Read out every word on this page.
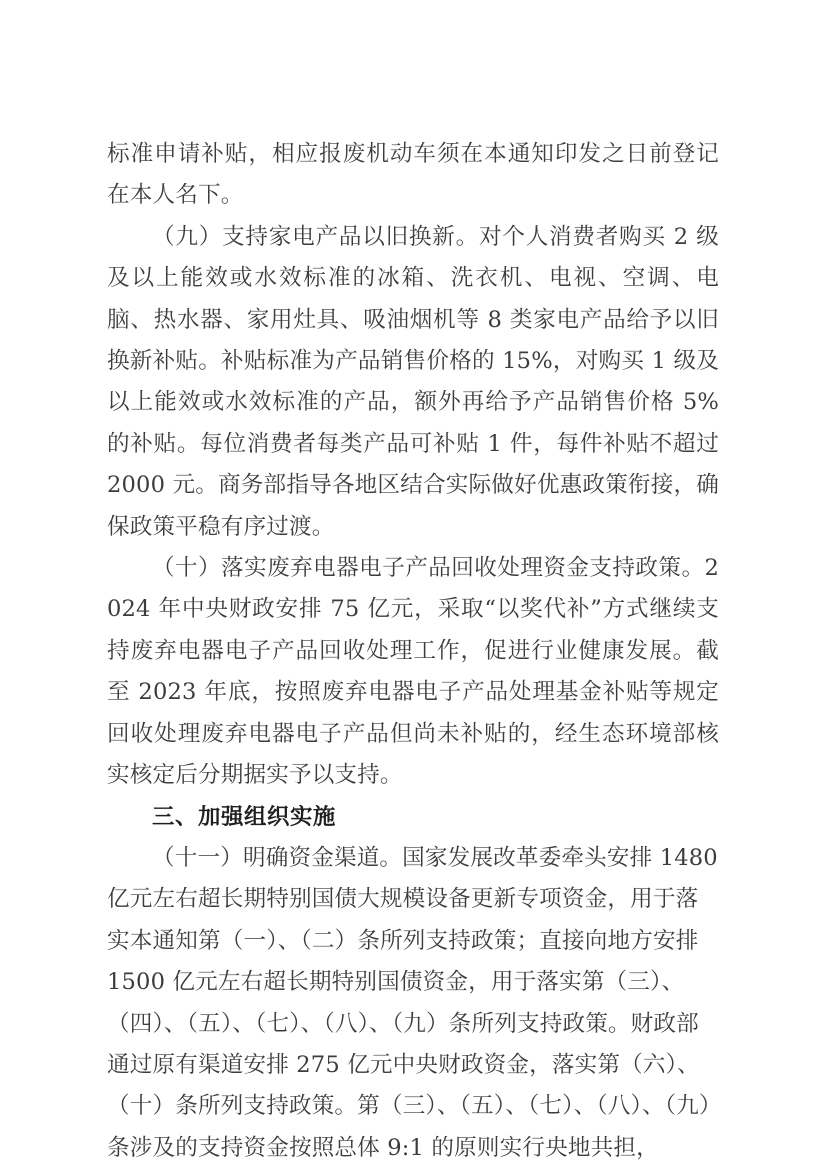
标准申请补贴，相应报废机动车须在本通知印发之日前登记在本人名下。

（九）支持家电产品以旧换新。对个人消费者购买 2 级及以上能效或水效标准的冰箱、洗衣机、电视、空调、电脑、热水器、家用灶具、吸油烟机等 8 类家电产品给予以旧换新补贴。补贴标准为产品销售价格的 15%，对购买 1 级及以上能效或水效标准的产品，额外再给予产品销售价格 5%的补贴。每位消费者每类产品可补贴 1 件，每件补贴不超过 2000 元。商务部指导各地区结合实际做好优惠政策衔接，确保政策平稳有序过渡。

（十）落实废弃电器电子产品回收处理资金支持政策。2024 年中央财政安排 75 亿元，采取“以奖代补”方式继续支持废弃电器电子产品回收处理工作，促进行业健康发展。截至 2023 年底，按照废弃电器电子产品处理基金补贴等规定回收处理废弃电器电子产品但尚未补贴的，经生态环境部核实核定后分期据实予以支持。

三、加强组织实施

（十一）明确资金渠道。国家发展改革委牵头安排 1480 亿元左右超长期特别国债大规模设备更新专项资金，用于落实本通知第（一）、（二）条所列支持政策；直接向地方安排 1500 亿元左右超长期特别国债资金，用于落实第（三）、（四）、（五）、（七）、（八）、（九）条所列支持政策。财政部通过原有渠道安排 275 亿元中央财政资金，落实第（六）、（十）条所列支持政策。第（三）、（五）、（七）、（八）、（九）条涉及的支持资金按照总体 9:1 的原则实行央地共担，
